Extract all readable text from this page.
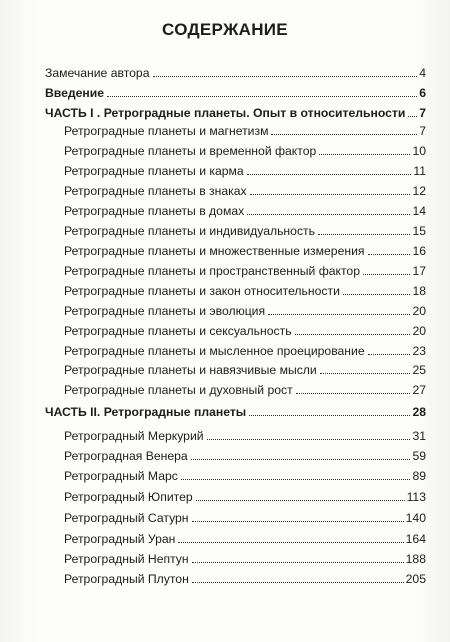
СОДЕРЖАНИЕ
Замечание автора	4
Введение	6
ЧАСТЬ I . Ретроградные планеты. Опыт в относительности 7
Ретроградные планеты и магнетизм	7
Ретроградные планеты и временной фактор	10
Ретроградные планеты и карма	11
Ретроградные планеты в знаках	12
Ретроградные планеты в домах	14
Ретроградные планеты и индивидуальность	15
Ретроградные планеты и множественные измерения	16
Ретроградные планеты и пространственный фактор	17
Ретроградные планеты и закон относительности	18
Ретроградные планеты и эволюция	20
Ретроградные планеты и сексуальность	20
Ретроградные планеты и мысленное проецирование	23
Ретроградные планеты и навязчивые мысли	25
Ретроградные планеты и духовный рост	27
ЧАСТЬ II. Ретроградные планеты	28
Ретроградный Меркурий	31
Ретроградная Венера	59
Ретроградный Марс	89
Ретроградный Юпитер	113
Ретроградный Сатурн	140
Ретроградный Уран	164
Ретроградный Нептун	188
Ретроградный Плутон	205
